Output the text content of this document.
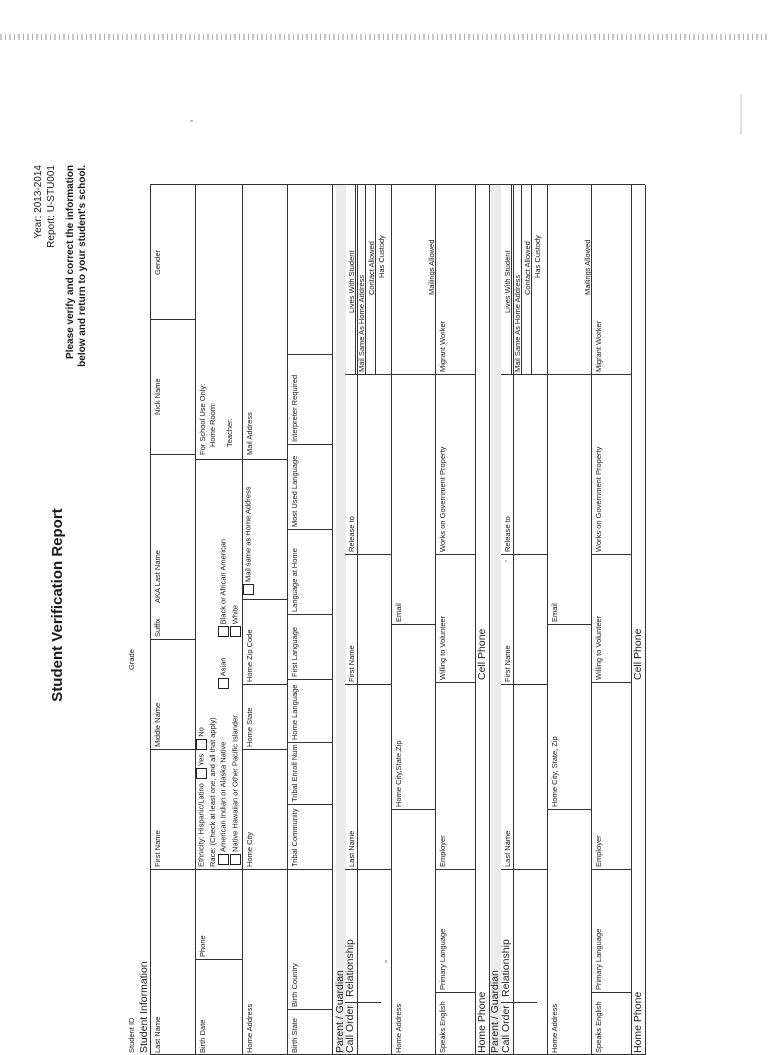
Student Verification Report
Year: 2013-2014
Report: U-STU001 Please verify and correct the information
below and return to your student's school.
Student ID
Grade
Student Information Last Name
First Name
Middle Name
Suffix
AKA Last Name
Nick Name
Gender
Birth Date
Phone
Ethnicity: Hispanic/Latino Yes No Race: (Check at least one, and all that apply) American Indian or Alaska Native  Asian  Black or African American
Native Hawaiian or Other Pacific Islander  White
For School Use Only: Home Room: Teacher:
Home Address
Home City
Home State
Home Zip Code
Mail same as Home Address
Mail Address
Birth State
Birth Country
Tribal Community
Tribal Enroll Num
Home Language
First Language
Language at Home
Most Used Language
Interpreter Required
Parent / Guardian
Call Order
Relationship
Last Name
First Name
Release to
Lives With Student Mail Same As Home Address
Contact Allowed Has Custody
Home Address
Home City,State,Zip
Email
Mailings Allowed
Speaks English
Primary Language
Employer
Willing to Volunteer
Works on Government Property
Migrant Worker
Home Phone
Cell Phone
Parent / Guardian Call Order
Relationship
Last Name
First Name
Release to
Lives With Student Mail Same As Home Address
Contact Allowed Has Custody
Home Address
Home City, State, Zip
Email
Mailings Allowed
Speaks English
Primary Language
Employer
Willing to Volunteer
Works on Government Property
Migrant Worker
Home Phone
Cell Phone
